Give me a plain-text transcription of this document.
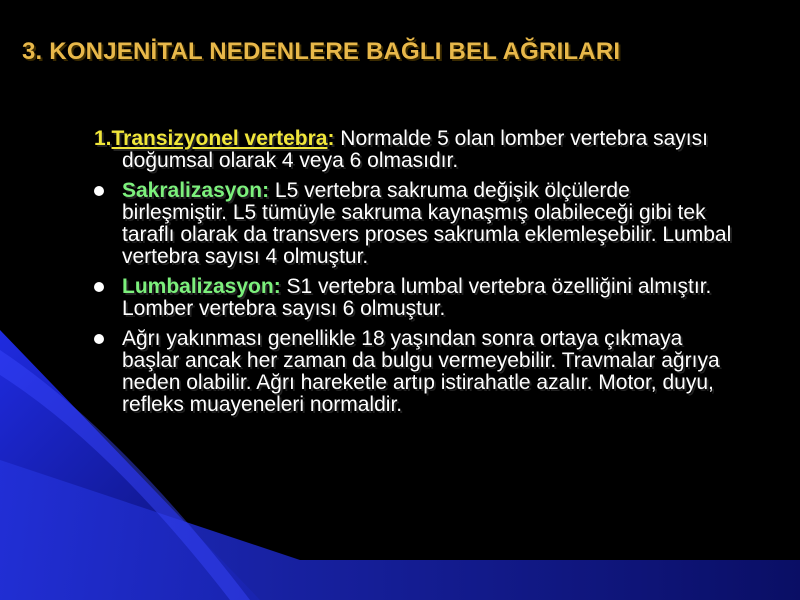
3. KONJENİTAL NEDENLERE BAĞLI BEL AĞRILARI
1.Transizyonel vertebra: Normalde 5 olan lomber vertebra sayısı doğumsal olarak 4 veya 6 olmasıdır.
Sakralizasyon: L5 vertebra sakruma değişik ölçülerde birleşmiştir. L5 tümüyle sakruma kaynaşmış olabileceği gibi tek taraflı olarak da transvers proses sakrumla eklemleşebilir. Lumbal vertebra sayısı 4 olmuştur.
Lumbalizasyon: S1 vertebra lumbal vertebra özelliğini almıştır. Lomber vertebra sayısı 6 olmuştur.
Ağrı yakınması genellikle 18 yaşından sonra ortaya çıkmaya başlar ancak her zaman da bulgu vermeyebilir. Travmalar ağrıya neden olabilir. Ağrı hareketle artıp istirahatle azalır. Motor, duyu, refleks muayeneleri normaldir.
